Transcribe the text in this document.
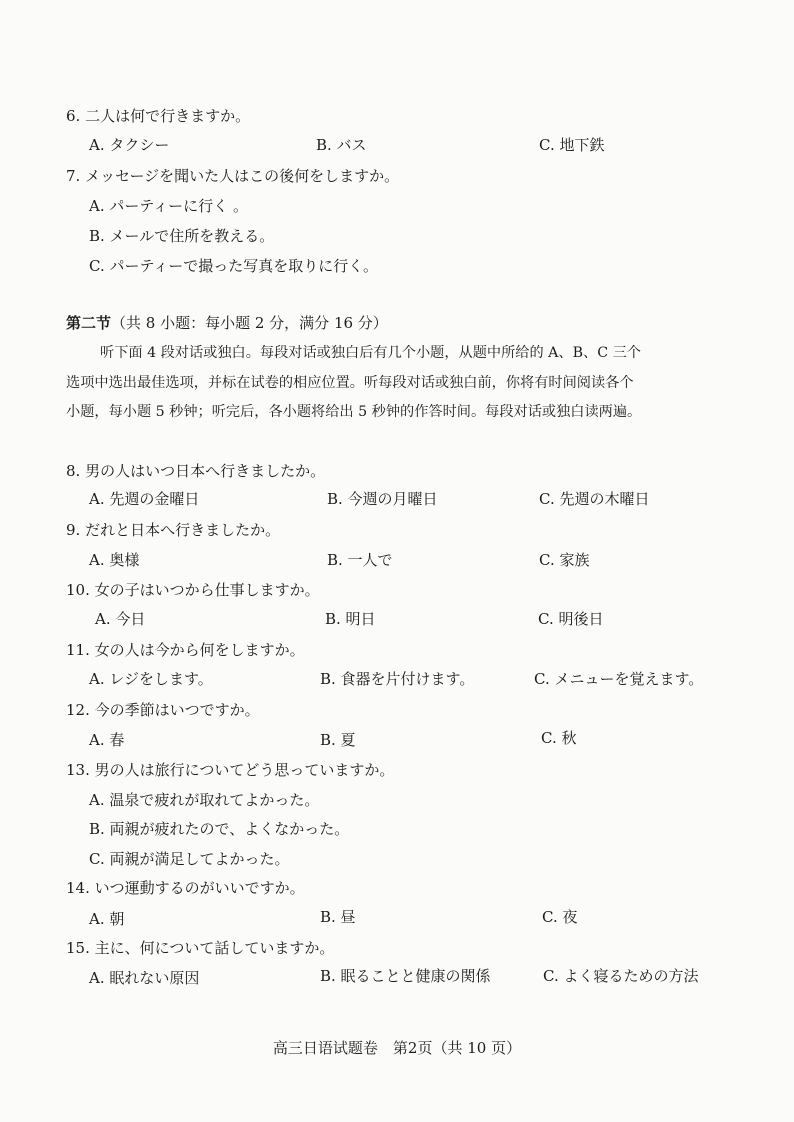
6. 二人は何で行きますか。
A. タクシー	B. バス	C. 地下鉄
7. メッセージを聞いた人はこの後何をしますか。
A. パーティーに行く 。
B. メールで住所を教える。
C. パーティーで撮った写真を取りに行く。
第二节（共 8 小题：每小题 2 分，满分 16 分）
听下面 4 段对话或独白。每段对话或独白后有几个小题，从题中所给的 A、B、C 三个
选项中选出最佳选项，并标在试卷的相应位置。听每段对话或独白前，你将有时间阅读各个
小题，每小题 5 秒钟；听完后，各小题将给出 5 秒钟的作答时间。每段对话或独白读两遍。
8. 男の人はいつ日本へ行きましたか。
A. 先週の金曜日	B. 今週の月曜日	C. 先週の木曜日
9. だれと日本へ行きましたか。
A. 奥様	B. 一人で	C. 家族
10. 女の子はいつから仕事しますか。
A. 今日	B. 明日	C. 明後日
11. 女の人は今から何をしますか。
A. レジをします。	B. 食器を片付けます。	C. メニューを覚えます。
12. 今の季節はいつですか。
A. 春	B. 夏	C. 秋
13. 男の人は旅行についてどう思っていますか。
A. 温泉で疲れが取れてよかった。
B. 両親が疲れたので、よくなかった。
C. 両親が満足してよかった。
14. いつ運動するのがいいですか。
A. 朝	B. 昼	C. 夜
15. 主に、何について話していますか。
A. 眠れない原因	B. 眠ることと健康の関係	C. よく寝るための方法
高三日语试题卷　第2页（共 10 页）
